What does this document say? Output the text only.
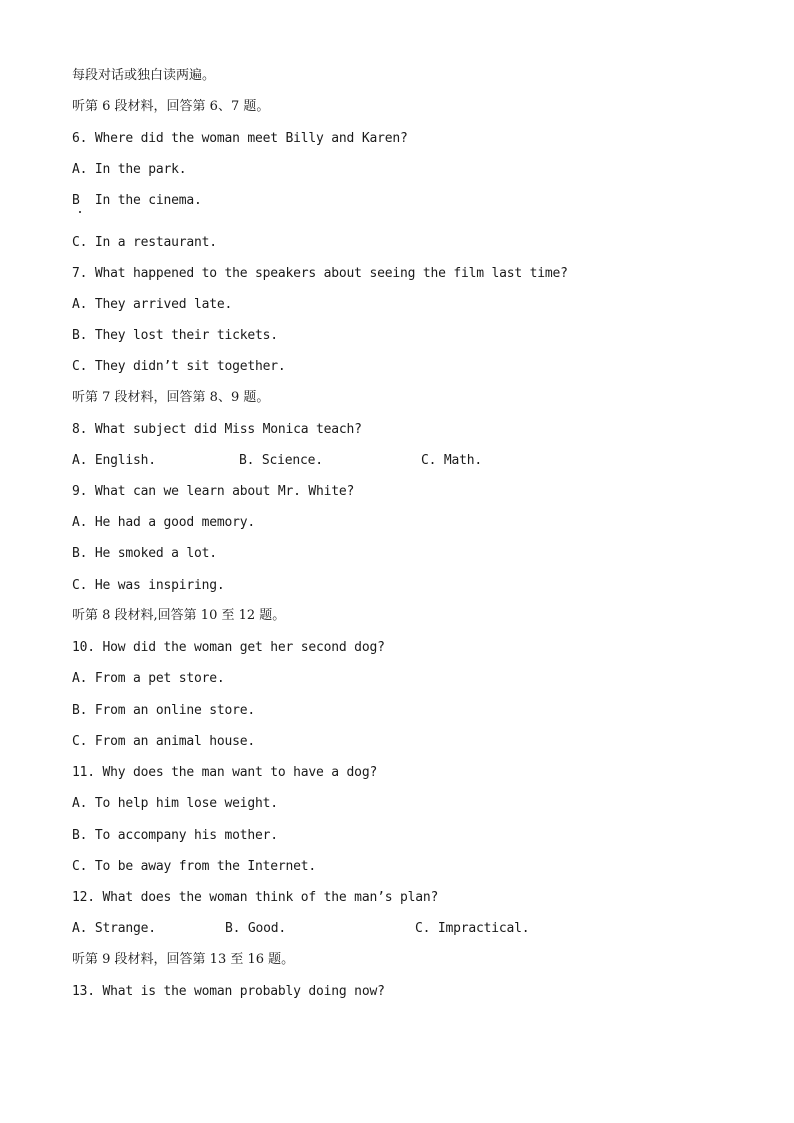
每段对话或独白读两遍。
听第 6 段材料，回答第 6、7 题。
6. Where did the woman meet Billy and Karen?
A. In the park.
B  In the cinema.
C. In a restaurant.
7. What happened to the speakers about seeing the film last time?
A. They arrived late.
B. They lost their tickets.
C. They didn’t sit together.
听第 7 段材料，回答第 8、9 题。
8. What subject did Miss Monica teach?

A. English.

	B. Science.

	C. Math.

9. What can we learn about Mr. White?
A. He had a good memory.
B. He smoked a lot.
C. He was inspiring.
听第 8 段材料,回答第 10 至 12 题。
10. How did the woman get her second dog?
A. From a pet store.
B. From an online store.
C. From an animal house.
11. Why does the man want to have a dog?
A. To help him lose weight.
B. To accompany his mother.
C. To be away from the Internet.
12. What does the woman think of the man’s plan?

A. Strange.

	B. Good.

	C. Impractical.

听第 9 段材料，回答第 13 至 16 题。
13. What is the woman probably doing now?
